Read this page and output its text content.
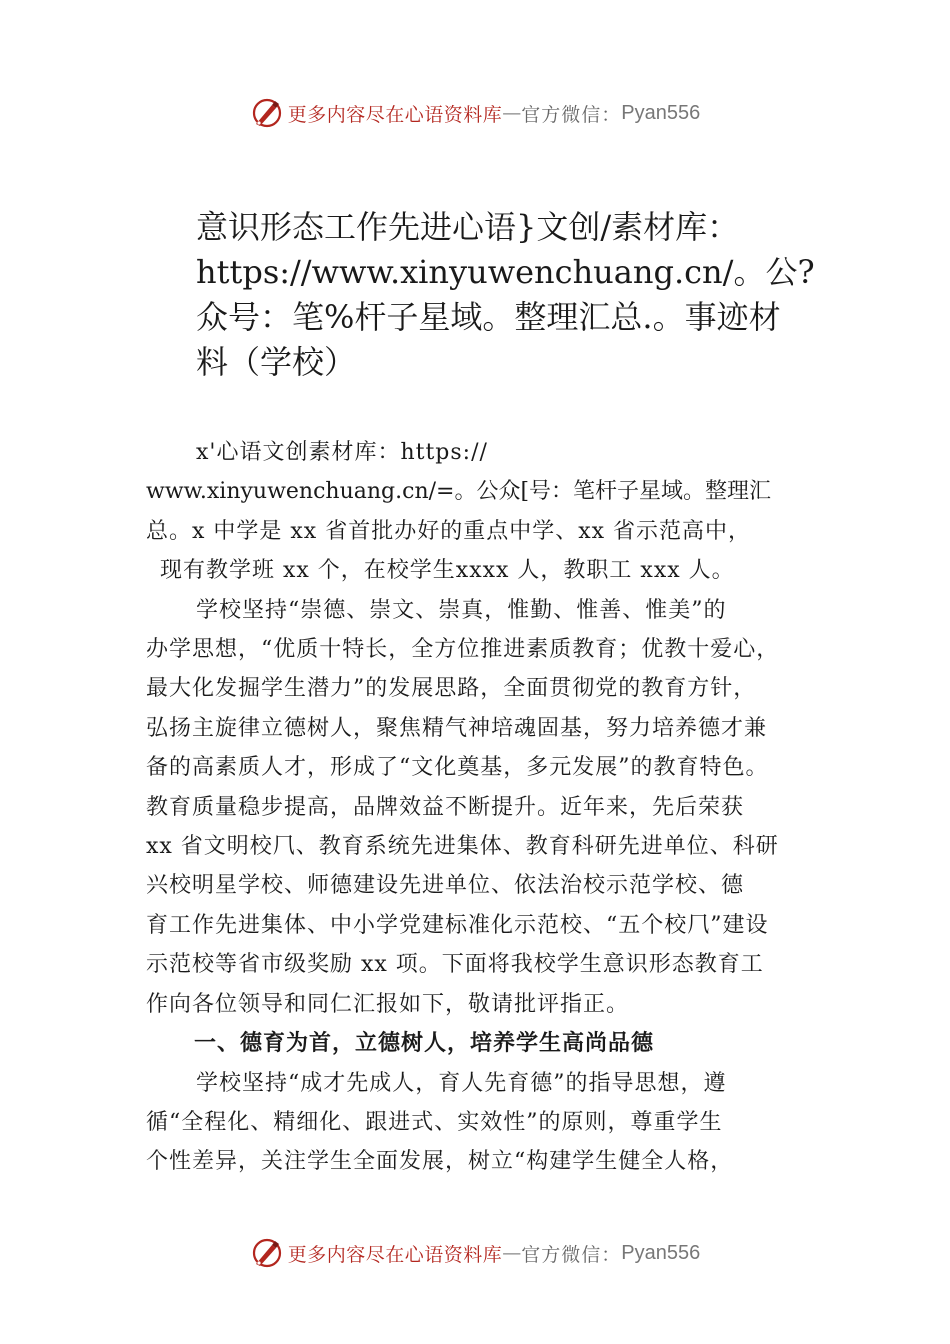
更多内容尽在心语资料库 — 官方微信： Pyan556
意识形态工作先进心语}文创/素材库：
https://www.xinyuwenchuang.cn/。公?
众号：笔%杆子星域。整理汇总.。事迹材
料（学校）
x'心语文创素材库：https://
www.xinyuwenchuang.cn/=。公众[号：笔杆子星域。整理汇
总。x 中学是 xx 省首批办好的重点中学、xx 省示范高中，
现有教学班 xx 个，在校学生xxxx 人，教职工 xxx 人。
学校坚持“崇德、崇文、崇真，惟勤、惟善、惟美”的
办学思想，“优质十特长，全方位推进素质教育；优教十爱心，
最大化发掘学生潜力”的发展思路，全面贯彻党的教育方针，
弘扬主旋律立德树人，聚焦精气神培魂固基，努力培养德才兼
备的高素质人才，形成了“文化奠基，多元发展”的教育特色。
教育质量稳步提高，品牌效益不断提升。近年来，先后荣获
xx 省文明校⺇、教育系统先进集体、教育科研先进单位、科研
兴校明星学校、师德建设先进单位、依法治校示范学校、德
育工作先进集体、中小学党建标准化示范校、“五个校⺇”建设
示范校等省市级奖励 xx 项。下面将我校学生意识形态教育工
作向各位领导和同仁汇报如下，敬请批评指正。
一、德育为首，立德树人，培养学生高尚品德
学校坚持“成才先成人，育人先育德”的指导思想，遵
循“全程化、精细化、跟进式、实效性”的原则，尊重学生
个性差异，关注学生全面发展，树立“构建学生健全人格，
更多内容尽在心语资料库 — 官方微信： Pyan556
